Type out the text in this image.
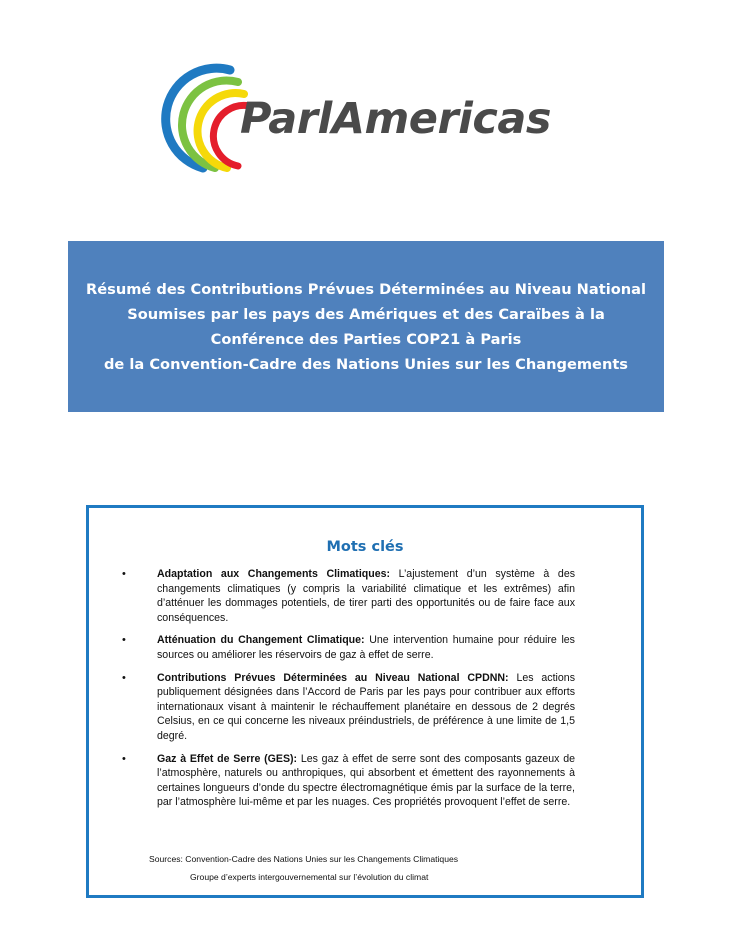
ParlAmericas
Résumé des Contributions Prévues Déterminées au Niveau National
Soumises par les pays des Amériques et des Caraïbes à la
Conférence des Parties COP21 à Paris
de la Convention-Cadre des Nations Unies sur les Changements
Mots clés
•	Adaptation aux Changements Climatiques: L’ajustement d’un système à des changements climatiques (y compris la variabilité climatique et les extrêmes) afin d’atténuer les dommages potentiels, de tirer parti des opportunités ou de faire face aux conséquences.
•	Atténuation du Changement Climatique: Une intervention humaine pour réduire les sources ou améliorer les réservoirs de gaz à effet de serre.
•	Contributions Prévues Déterminées au Niveau National CPDNN: Les actions publiquement désignées dans l’Accord de Paris par les pays pour contribuer aux efforts internationaux visant à maintenir le réchauffement planétaire en dessous de 2 degrés Celsius, en ce qui concerne les niveaux préindustriels, de préférence à une limite de 1,5 degré.
•	Gaz à Effet de Serre (GES): Les gaz à effet de serre sont des composants gazeux de l’atmosphère, naturels ou anthropiques, qui absorbent et émettent des rayonnements à certaines longueurs d’onde du spectre électromagnétique émis par la surface de la terre, par l’atmosphère lui-même et par les nuages. Ces propriétés provoquent l’effet de serre.
Sources: Convention-Cadre des Nations Unies sur les Changements Climatiques
Groupe d’experts intergouvernemental sur l’évolution du climat
